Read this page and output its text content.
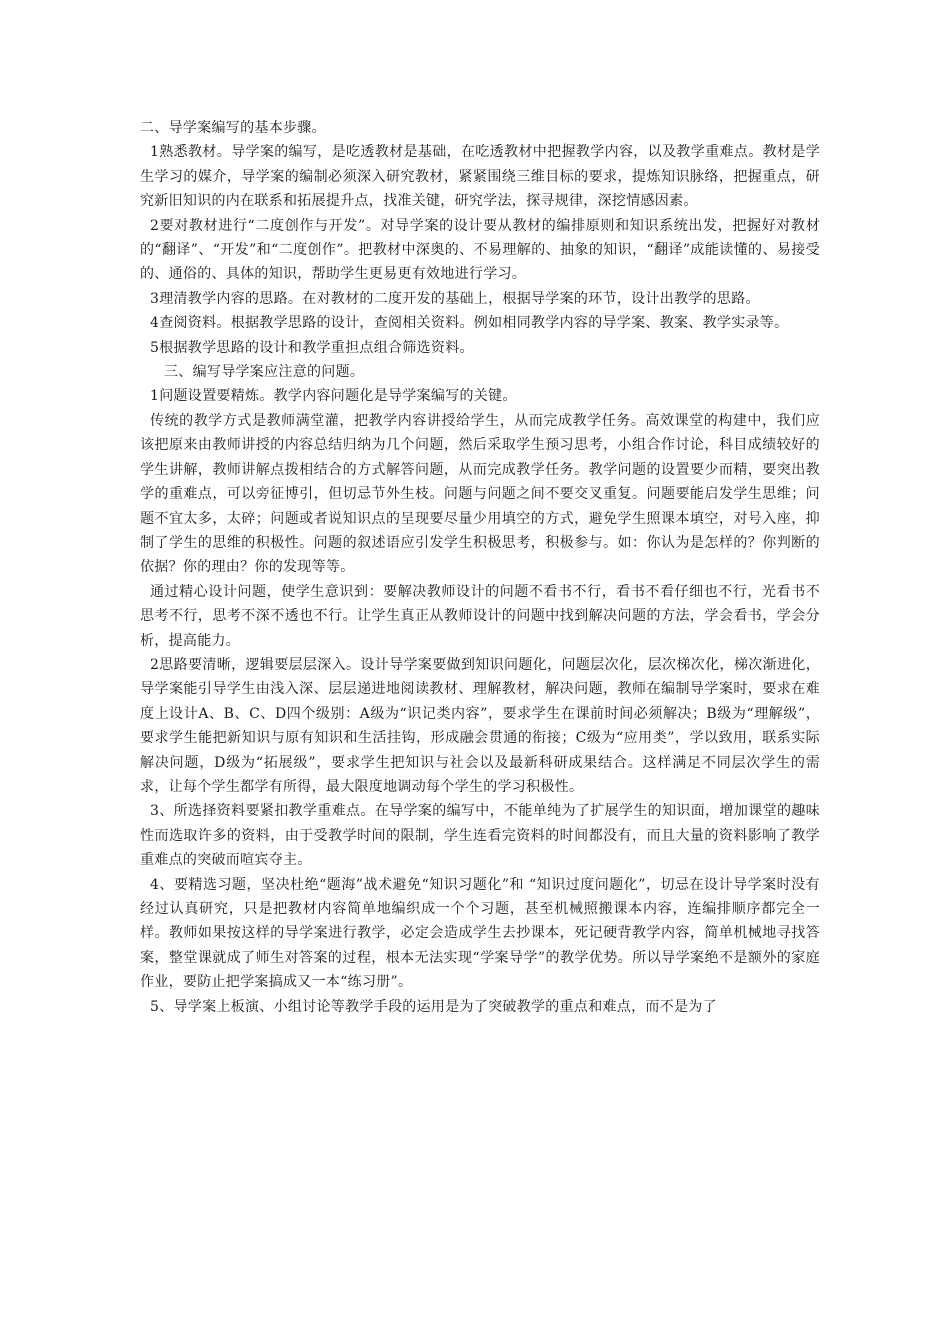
二、导学案编写的基本步骤。

1熟悉教材。导学案的编写，是吃透教材是基础，在吃透教材中把握教学内容，以及教学重难点。教材是学生学习的媒介，导学案的编制必须深入研究教材，紧紧围绕三维目标的要求，提炼知识脉络，把握重点，研究新旧知识的内在联系和拓展提升点，找准关键，研究学法，探寻规律，深挖情感因素。

2要对教材进行“二度创作与开发”。对导学案的设计要从教材的编排原则和知识系统出发，把握好对教材的“翻译”、“开发”和“二度创作”。把教材中深奥的、不易理解的、抽象的知识，“翻译”成能读懂的、易接受的、通俗的、具体的知识，帮助学生更易更有效地进行学习。

3理清教学内容的思路。在对教材的二度开发的基础上，根据导学案的环节，设计出教学的思路。

4查阅资料。根据教学思路的设计，查阅相关资料。例如相同教学内容的导学案、教案、教学实录等。

5根据教学思路的设计和教学重担点组合筛选资料。

三、编写导学案应注意的问题。

1问题设置要精炼。教学内容问题化是导学案编写的关键。

传统的教学方式是教师满堂灌，把教学内容讲授给学生，从而完成教学任务。高效课堂的构建中，我们应该把原来由教师讲授的内容总结归纳为几个问题，然后采取学生预习思考，小组合作讨论，科目成绩较好的学生讲解，教师讲解点拨相结合的方式解答问题，从而完成教学任务。教学问题的设置要少而精，要突出教学的重难点，可以旁征博引，但切忌节外生枝。问题与问题之间不要交叉重复。问题要能启发学生思维；问题不宜太多，太碎；问题或者说知识点的呈现要尽量少用填空的方式，避免学生照课本填空，对号入座，抑制了学生的思维的积极性。问题的叙述语应引发学生积极思考，积极参与。如：你认为是怎样的？你判断的依据？你的理由？你的发现等等。

通过精心设计问题，使学生意识到：要解决教师设计的问题不看书不行，看书不看仔细也不行，光看书不思考不行，思考不深不透也不行。让学生真正从教师设计的问题中找到解决问题的方法，学会看书，学会分析，提高能力。

2思路要清晰，逻辑要层层深入。设计导学案要做到知识问题化，问题层次化，层次梯次化，梯次渐进化，导学案能引导学生由浅入深、层层递进地阅读教材、理解教材，解决问题，教师在编制导学案时，要求在难度上设计A、B、C、D四个级别：A级为“识记类内容”，要求学生在课前时间必须解决；B级为“理解级”，要求学生能把新知识与原有知识和生活挂钩，形成融会贯通的衔接；C级为“应用类”，学以致用，联系实际解决问题，D级为“拓展级”，要求学生把知识与社会以及最新科研成果结合。这样满足不同层次学生的需求，让每个学生都学有所得，最大限度地调动每个学生的学习积极性。

3、所选择资料要紧扣教学重难点。在导学案的编写中，不能单纯为了扩展学生的知识面，增加课堂的趣味性而选取许多的资料，由于受教学时间的限制，学生连看完资料的时间都没有，而且大量的资料影响了教学重难点的突破而喧宾夺主。

4、要精选习题，坚决杜绝“题海”战术避免“知识习题化”和 “知识过度问题化”，切忌在设计导学案时没有经过认真研究，只是把教材内容简单地编织成一个个习题，甚至机械照搬课本内容，连编排顺序都完全一样。教师如果按这样的导学案进行教学，必定会造成学生去抄课本，死记硬背教学内容，简单机械地寻找答案，整堂课就成了师生对答案的过程，根本无法实现“学案导学”的教学优势。所以导学案绝不是额外的家庭作业，要防止把学案搞成又一本“练习册”。

5、导学案上板演、小组讨论等教学手段的运用是为了突破教学的重点和难点，而不是为了
